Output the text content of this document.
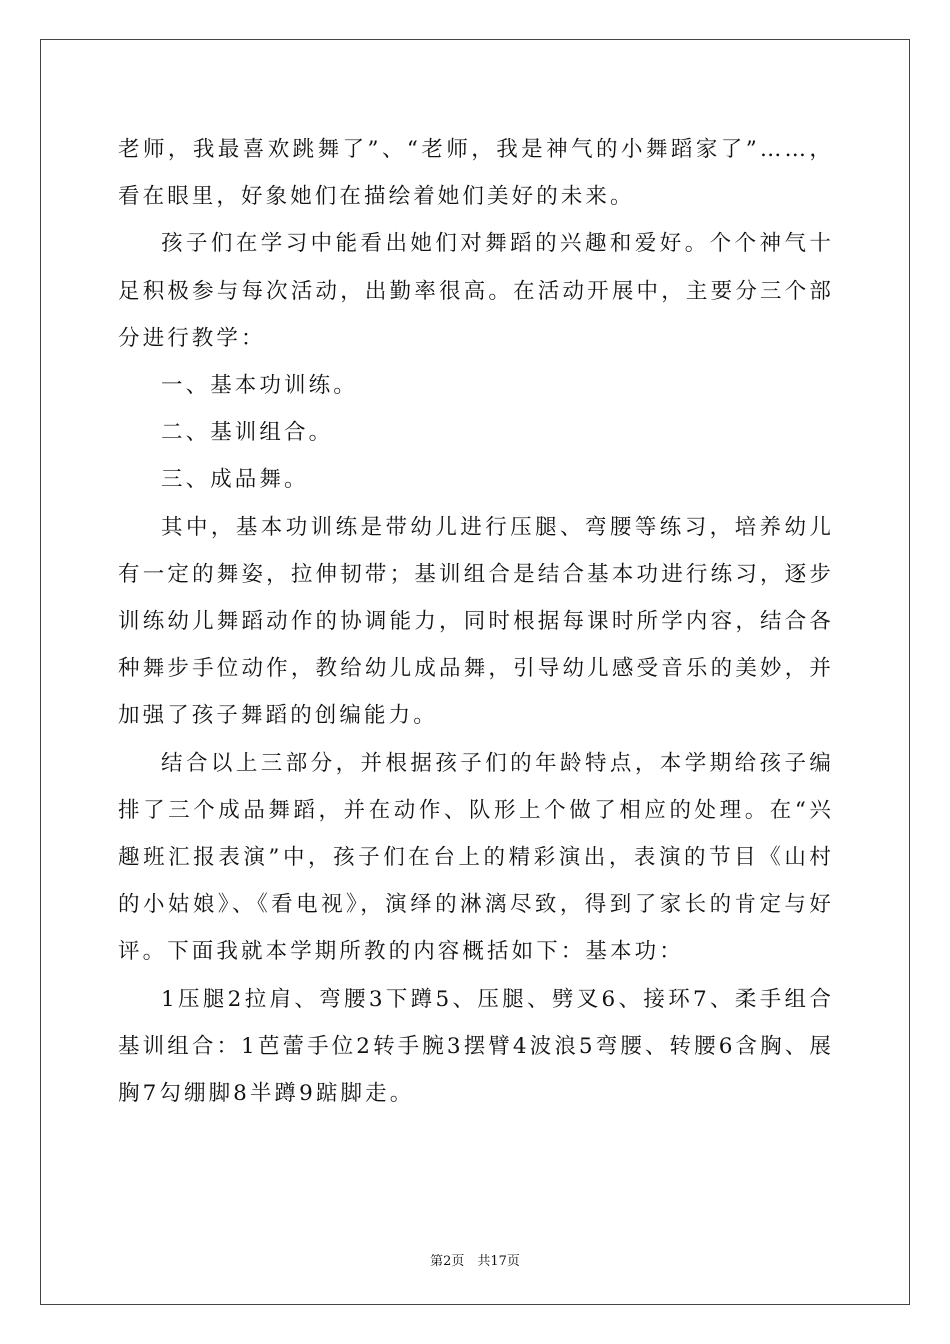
老师，我最喜欢跳舞了”、“老师，我是神气的小舞蹈家了”……，看在眼里，好象她们在描绘着她们美好的未来。

孩子们在学习中能看出她们对舞蹈的兴趣和爱好。个个神气十足积极参与每次活动，出勤率很高。在活动开展中，主要分三个部分进行教学：

一、基本功训练。

二、基训组合。

三、成品舞。

其中，基本功训练是带幼儿进行压腿、弯腰等练习，培养幼儿有一定的舞姿，拉伸韧带；基训组合是结合基本功进行练习，逐步训练幼儿舞蹈动作的协调能力，同时根据每课时所学内容，结合各种舞步手位动作，教给幼儿成品舞，引导幼儿感受音乐的美妙，并加强了孩子舞蹈的创编能力。

结合以上三部分，并根据孩子们的年龄特点，本学期给孩子编排了三个成品舞蹈，并在动作、队形上个做了相应的处理。在“兴趣班汇报表演”中，孩子们在台上的精彩演出，表演的节目《山村的小姑娘》、《看电视》，演绎的淋漓尽致，得到了家长的肯定与好评。下面我就本学期所教的内容概括如下：基本功：

1压腿2拉肩、弯腰3下蹲5、压腿、劈叉6、接环7、柔手组合基训组合：1芭蕾手位2转手腕3摆臂4波浪5弯腰、转腰6含胸、展胸7勾绷脚8半蹲9踮脚走。

第2页　共17页
